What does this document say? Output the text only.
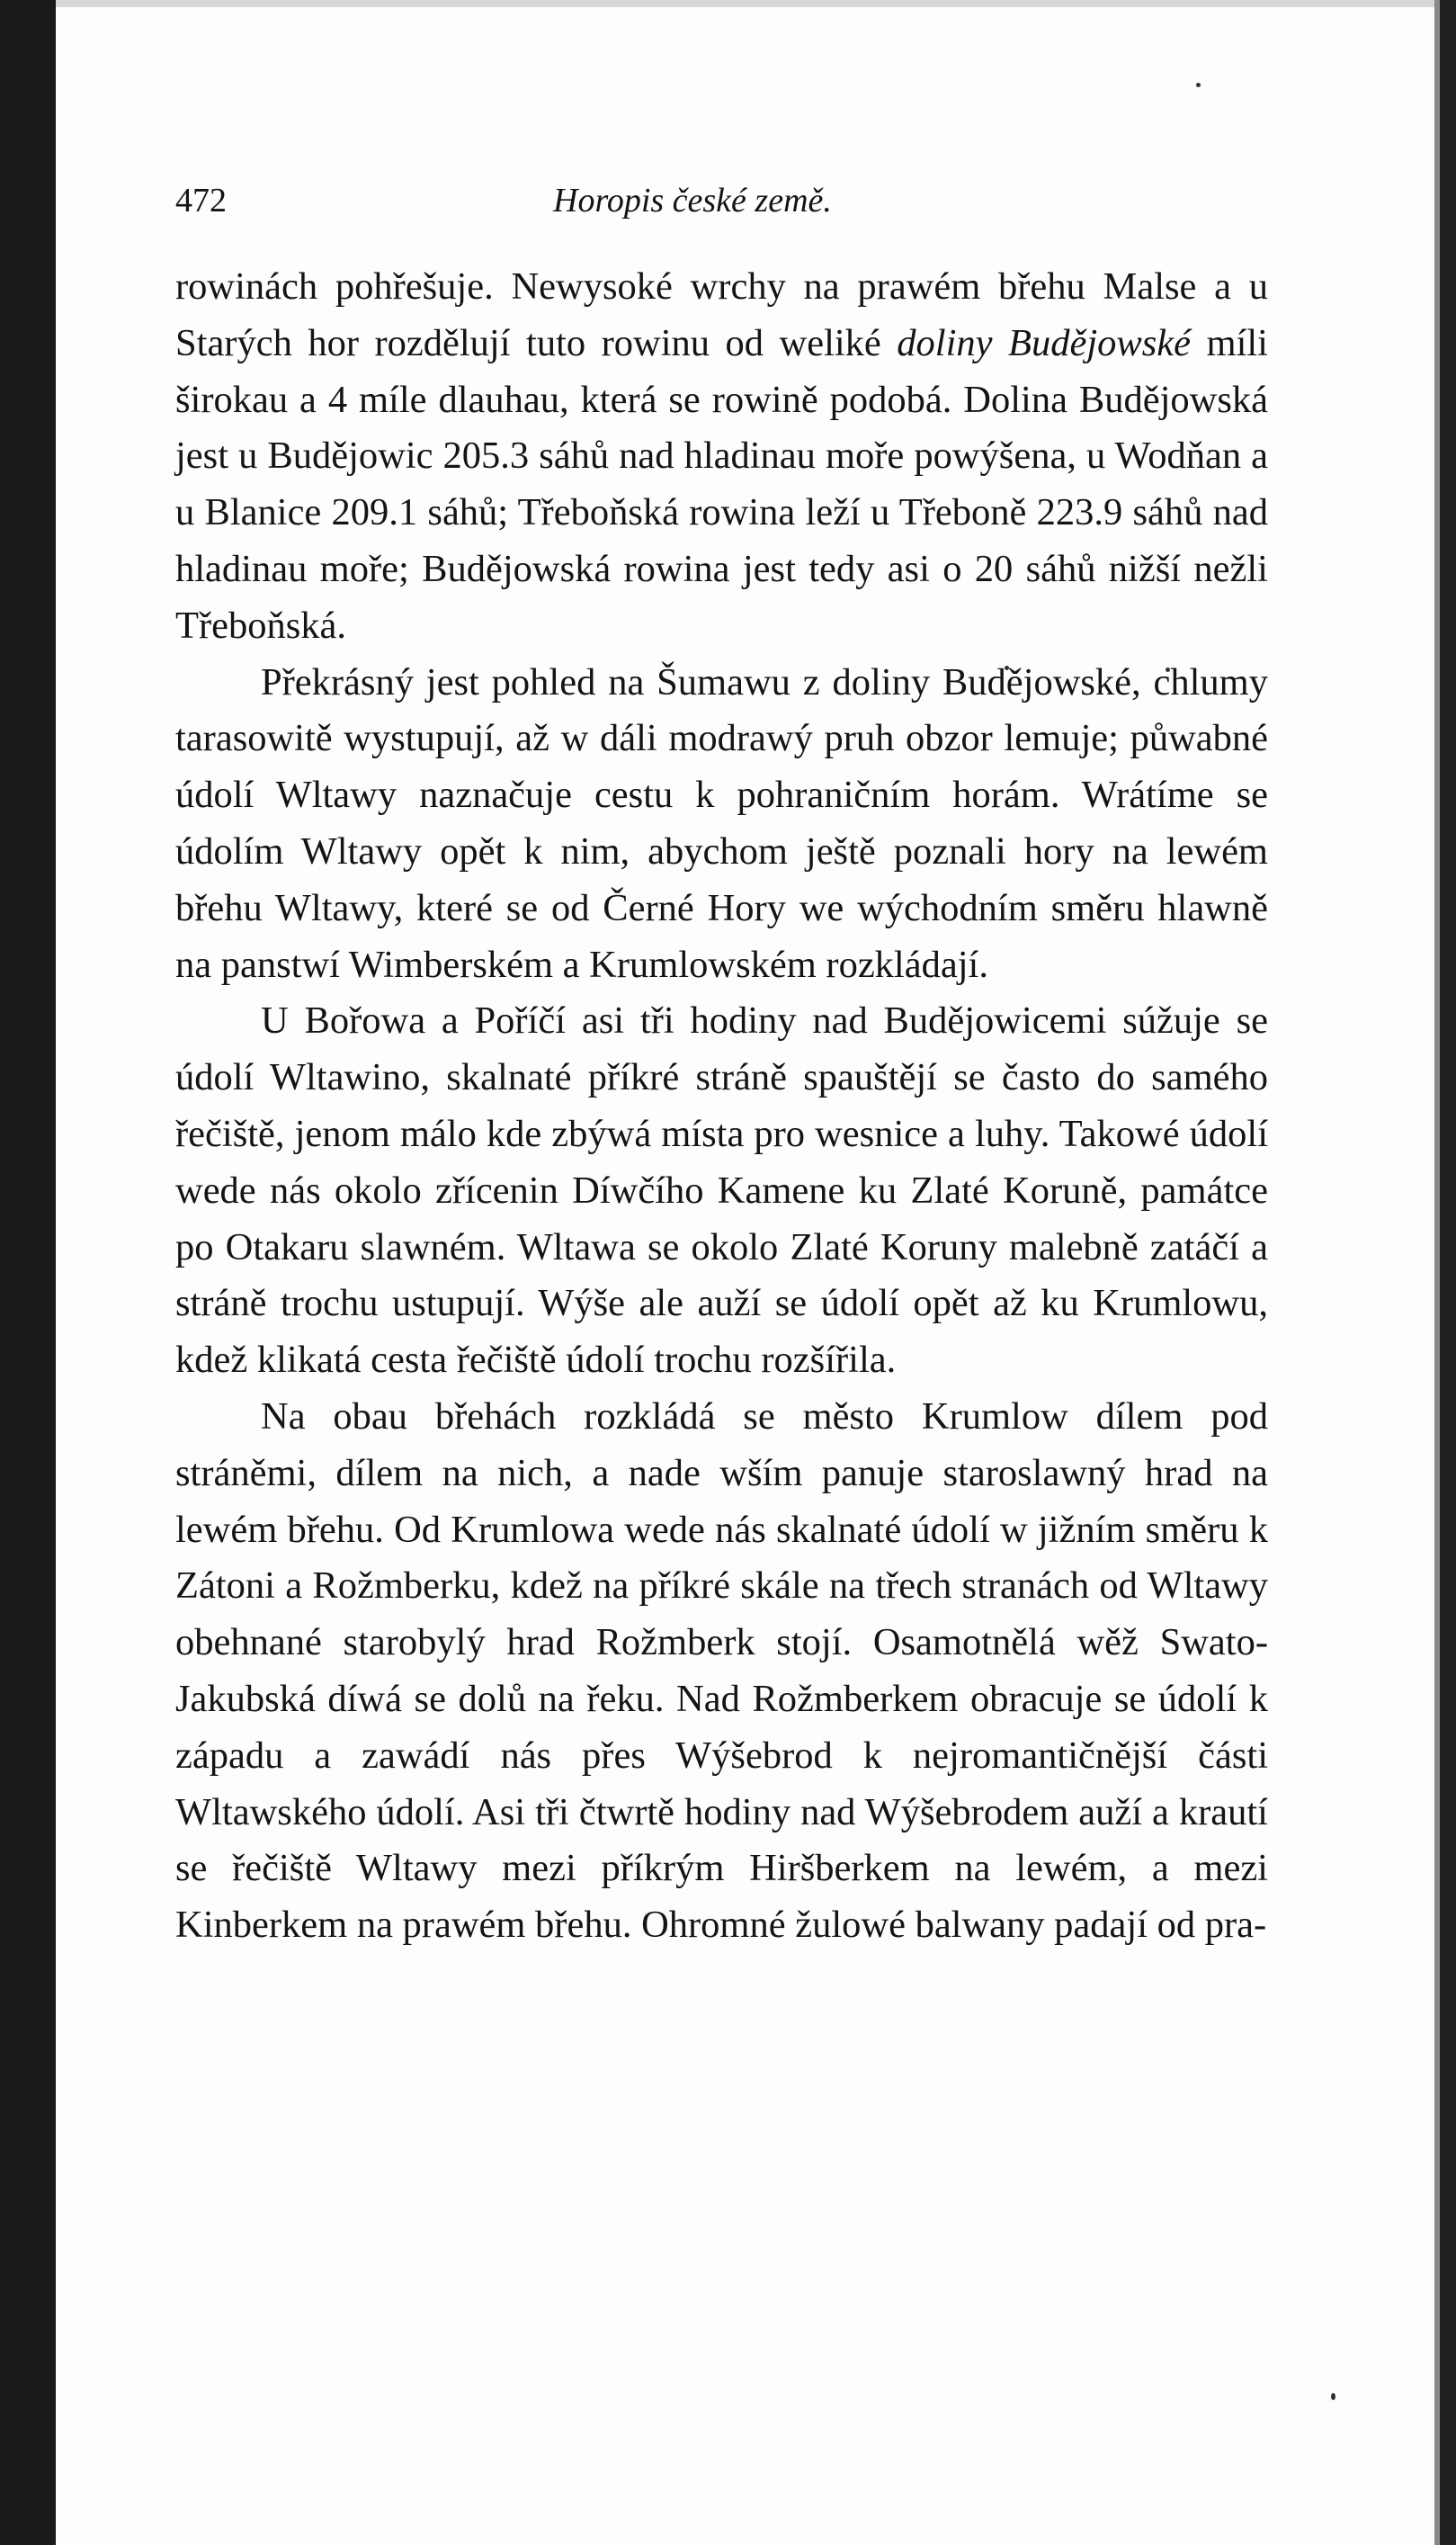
472	Horopis české země.

rowinách pohřešuje. Newysoké wrchy na prawém břehu Malse a u Starých hor rozdělují tuto rowinu od weliké doliny Budějowské míli širokau a 4 míle dlauhau, která se rowině podobá. Dolina Budějowská jest u Budějowic 205.3 sáhů nad hladinau moře powýšena, u Wodňan a u Blanice 209.1 sáhů; Třeboňská rowina leží u Třeboně 223.9 sáhů nad hladinau moře; Budějowská rowina jest tedy asi o 20 sáhů nižší nežli Třeboňská.

Překrásný jest pohled na Šumawu z doliny Budějowské, chlumy tarasowitě wystupují, až w dáli modrawý pruh obzor lemuje; půwabné údolí Wltawy naznačuje cestu k pohraničním horám. Wrátíme se údolím Wltawy opět k nim, abychom ještě poznali hory na lewém břehu Wltawy, které se od Černé Hory we wýchodním směru hlawně na panstwí Wimberském a Krumlowském rozkládají.

U Bořowa a Poříčí asi tři hodiny nad Budějowicemi súžuje se údolí Wltawino, skalnaté příkré stráně spauštějí se často do samého řečiště, jenom málo kde zbýwá místa pro wesnice a luhy. Takowé údolí wede nás okolo zřícenin Díwčího Kamene ku Zlaté Koruně, památce po Otakaru slawném. Wltawa se okolo Zlaté Koruny malebně zatáčí a stráně trochu ustupují. Wýše ale auží se údolí opět až ku Krumlowu, kdež klikatá cesta řečiště údolí trochu rozšířila.

Na obau břehách rozkládá se město Krumlow dílem pod stráněmi, dílem na nich, a nade wším panuje staroslawný hrad na lewém břehu. Od Krumlowa wede nás skalnaté údolí w jižním směru k Zátoni a Rožmberku, kdež na příkré skále na třech stranách od Wltawy obehnané starobylý hrad Rožmberk stojí. Osamotnělá wěž Swato-Jakubská díwá se dolů na řeku. Nad Rožmberkem obracuje se údolí k západu a zawádí nás přes Wýšebrod k nejromantičnější části Wltawského údolí. Asi tři čtwrtě hodiny nad Wýšebrodem auží a krautí se řečiště Wltawy mezi příkrým Hiršberkem na lewém, a mezi Kinberkem na prawém břehu. Ohromné žulowé balwany padají od pra-
